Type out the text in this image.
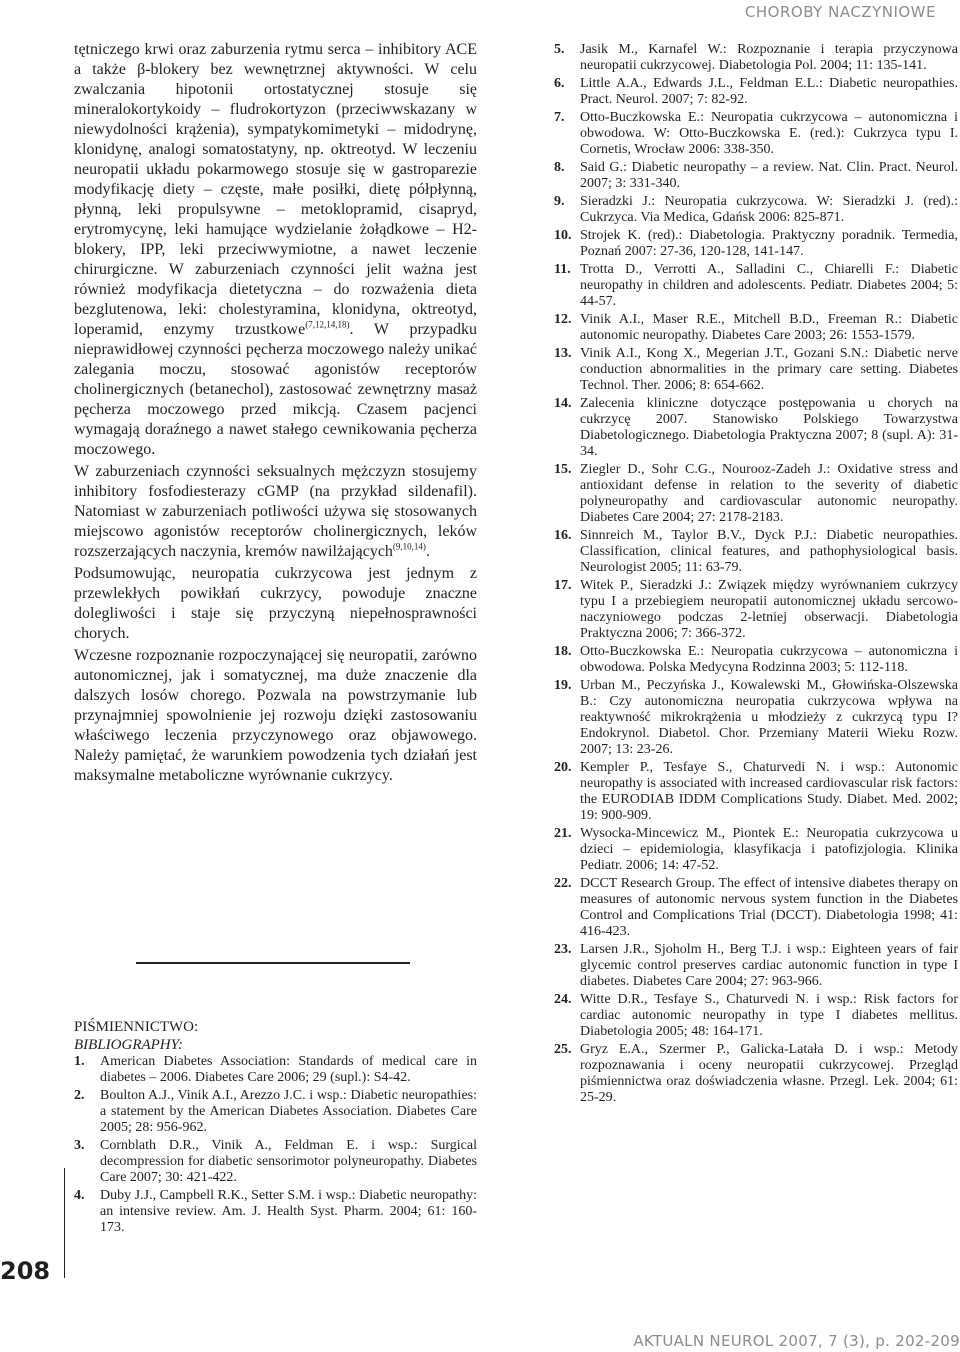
CHOROBY NACZYNIOWE

tętniczego krwi oraz zaburzenia rytmu serca – inhibitory ACE a także β-blokery bez wewnętrznej aktywności. W celu zwalczania hipotonii ortostatycznej stosuje się mineralokortykoidy – fludrokortyzon (przeciwwskazany w niewydolności krążenia), sympatykomimetyki – midodrynę, klonidynę, analogi somatostatyny, np. oktreotyd. W leczeniu neuropatii układu pokarmowego stosuje się w gastroparezie modyfikację diety – częste, małe posiłki, dietę półpłynną, płynną, leki propulsywne – metoklopramid, cisapryd, erytromycynę, leki hamujące wydzielanie żołądkowe – H2-blokery, IPP, leki przeciwwymiotne, a nawet leczenie chirurgiczne. W zaburzeniach czynności jelit ważna jest również modyfikacja dietetyczna – do rozważenia dieta bezglutenowa, leki: cholestyramina, klonidyna, oktreotyd, loperamid, enzymy trzustkowe$^{(7,12,14,18)}$. W przypadku nieprawidłowej czynności pęcherza moczowego należy unikać zalegania moczu, stosować agonistów receptorów cholinergicznych (betanechol), zastosować zewnętrzny masaż pęcherza moczowego przed mikcją. Czasem pacjenci wymagają doraźnego a nawet stałego cewnikowania pęcherza moczowego.

W zaburzeniach czynności seksualnych mężczyzn stosujemy inhibitory fosfodiesterazy cGMP (na przykład sildenafil). Natomiast w zaburzeniach potliwości używa się stosowanych miejscowo agonistów receptorów cholinergicznych, leków rozszerzających naczynia, kremów nawilżających$^{(9,10,14)}$.

Podsumowując, neuropatia cukrzycowa jest jednym z przewlekłych powikłań cukrzycy, powoduje znaczne dolegliwości i staje się przyczyną niepełnosprawności chorych.

Wczesne rozpoznanie rozpoczynającej się neuropatii, zarówno autonomicznej, jak i somatycznej, ma duże znaczenie dla dalszych losów chorego. Pozwala na powstrzymanie lub przynajmniej spowolnienie jej rozwoju dzięki zastosowaniu właściwego leczenia przyczynowego oraz objawowego. Należy pamiętać, że warunkiem powodzenia tych działań jest maksymalne metaboliczne wyrównanie cukrzycy.

PIŚMIENNICTWO:

BIBLIOGRAPHY:

1.	American Diabetes Association: Standards of medical care in diabetes – 2006. Diabetes Care 2006; 29 (supl.): S4-42.
2.	Boulton A.J., Vinik A.I., Arezzo J.C. i wsp.: Diabetic neuropathies: a statement by the American Diabetes Association. Diabetes Care 2005; 28: 956-962.
3.	Cornblath D.R., Vinik A., Feldman E. i wsp.: Surgical decompression for diabetic sensorimotor polyneuropathy. Diabetes Care 2007; 30: 421-422.
4.	Duby J.J., Campbell R.K., Setter S.M. i wsp.: Diabetic neuropathy: an intensive review. Am. J. Health Syst. Pharm. 2004; 61: 160-173.
5.	Jasik M., Karnafel W.: Rozpoznanie i terapia przyczynowa neuropatii cukrzycowej. Diabetologia Pol. 2004; 11: 135-141.
6.	Little A.A., Edwards J.L., Feldman E.L.: Diabetic neuropathies. Pract. Neurol. 2007; 7: 82-92.
7.	Otto-Buczkowska E.: Neuropatia cukrzycowa – autonomiczna i obwodowa. W: Otto-Buczkowska E. (red.): Cukrzyca typu I. Cornetis, Wrocław 2006: 338-350.
8.	Said G.: Diabetic neuropathy – a review. Nat. Clin. Pract. Neurol. 2007; 3: 331-340.
9.	Sieradzki J.: Neuropatia cukrzycowa. W: Sieradzki J. (red).: Cukrzyca. Via Medica, Gdańsk 2006: 825-871.
10. Strojek K. (red).: Diabetologia. Praktyczny poradnik. Termedia, Poznań 2007: 27-36, 120-128, 141-147.
11. Trotta D., Verrotti A., Salladini C., Chiarelli F.: Diabetic neuropathy in children and adolescents. Pediatr. Diabetes 2004; 5: 44-57.
12. Vinik A.I., Maser R.E., Mitchell B.D., Freeman R.: Diabetic autonomic neuropathy. Diabetes Care 2003; 26: 1553-1579.
13. Vinik A.I., Kong X., Megerian J.T., Gozani S.N.: Diabetic nerve conduction abnormalities in the primary care setting. Diabetes Technol. Ther. 2006; 8: 654-662.
14. Zalecenia kliniczne dotyczące postępowania u chorych na cukrzycę 2007. Stanowisko Polskiego Towarzystwa Diabetologicznego. Diabetologia Praktyczna 2007; 8 (supl. A): 31-34.
15. Ziegler D., Sohr C.G., Nourooz-Zadeh J.: Oxidative stress and antioxidant defense in relation to the severity of diabetic polyneuropathy and cardiovascular autonomic neuropathy. Diabetes Care 2004; 27: 2178-2183.
16. Sinnreich M., Taylor B.V., Dyck P.J.: Diabetic neuropathies. Classification, clinical features, and pathophysiological basis. Neurologist 2005; 11: 63-79.
17. Witek P., Sieradzki J.: Związek między wyrównaniem cukrzycy typu I a przebiegiem neuropatii autonomicznej układu sercowo-naczyniowego podczas 2-letniej obserwacji. Diabetologia Praktyczna 2006; 7: 366-372.
18. Otto-Buczkowska E.: Neuropatia cukrzycowa – autonomiczna i obwodowa. Polska Medycyna Rodzinna 2003; 5: 112-118.
19. Urban M., Peczyńska J., Kowalewski M., Głowińska-Olszewska B.: Czy autonomiczna neuropatia cukrzycowa wpływa na reaktywność mikrokrążenia u młodzieży z cukrzycą typu I? Endokrynol. Diabetol. Chor. Przemiany Materii Wieku Rozw. 2007; 13: 23-26.
20. Kempler P., Tesfaye S., Chaturvedi N. i wsp.: Autonomic neuropathy is associated with increased cardiovascular risk factors: the EURODIAB IDDM Complications Study. Diabet. Med. 2002; 19: 900-909.
21. Wysocka-Mincewicz M., Piontek E.: Neuropatia cukrzycowa u dzieci – epidemiologia, klasyfikacja i patofizjologia. Klinika Pediatr. 2006; 14: 47-52.
22. DCCT Research Group. The effect of intensive diabetes therapy on measures of autonomic nervous system function in the Diabetes Control and Complications Trial (DCCT). Diabetologia 1998; 41: 416-423.
23. Larsen J.R., Sjoholm H., Berg T.J. i wsp.: Eighteen years of fair glycemic control preserves cardiac autonomic function in type I diabetes. Diabetes Care 2004; 27: 963-966.
24. Witte D.R., Tesfaye S., Chaturvedi N. i wsp.: Risk factors for cardiac autonomic neuropathy in type I diabetes mellitus. Diabetologia 2005; 48: 164-171.
25. Gryz E.A., Szermer P., Galicka-Latała D. i wsp.: Metody rozpoznawania i oceny neuropatii cukrzycowej. Przegląd piśmiennictwa oraz doświadczenia własne. Przegl. Lek. 2004; 61: 25-29.
208
AKTUALN NEUROL 2007, 7 (3), p. 202-209
